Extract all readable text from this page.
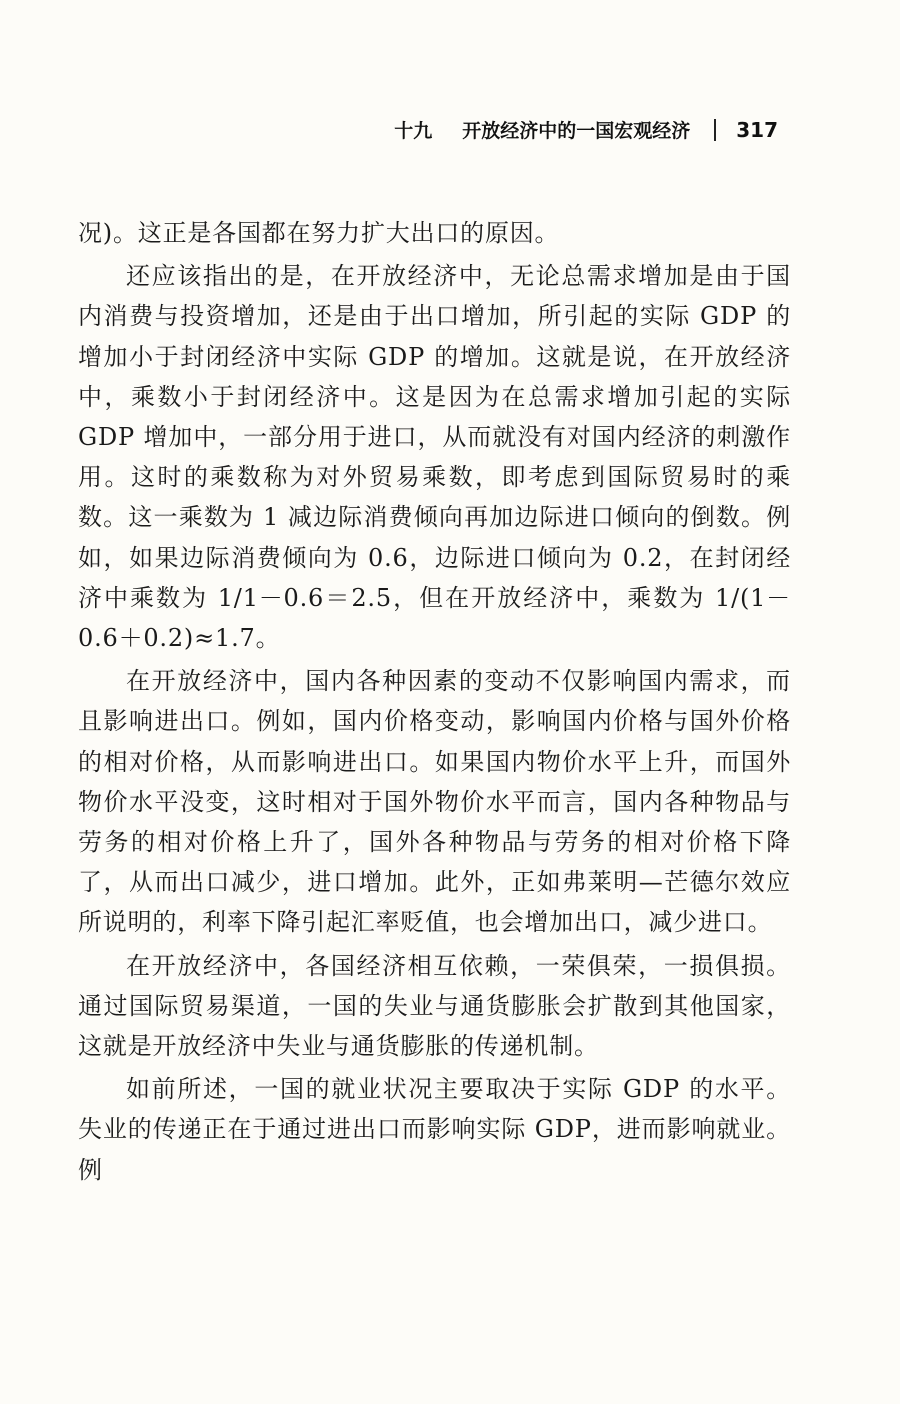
十九 开放经济中的一国宏观经济 317

况)。这正是各国都在努力扩大出口的原因。

还应该指出的是，在开放经济中，无论总需求增加是由于国内消费与投资增加，还是由于出口增加，所引起的实际 GDP 的增加小于封闭经济中实际 GDP 的增加。这就是说，在开放经济中，乘数小于封闭经济中。这是因为在总需求增加引起的实际 GDP 增加中，一部分用于进口，从而就没有对国内经济的刺激作用。这时的乘数称为对外贸易乘数，即考虑到国际贸易时的乘数。这一乘数为 1 减边际消费倾向再加边际进口倾向的倒数。例如，如果边际消费倾向为 0.6，边际进口倾向为 0.2，在封闭经济中乘数为 1/1－0.6＝2.5，但在开放经济中，乘数为 1/(1－0.6＋0.2)≈1.7。

在开放经济中，国内各种因素的变动不仅影响国内需求，而且影响进出口。例如，国内价格变动，影响国内价格与国外价格的相对价格，从而影响进出口。如果国内物价水平上升，而国外物价水平没变，这时相对于国外物价水平而言，国内各种物品与劳务的相对价格上升了，国外各种物品与劳务的相对价格下降了，从而出口减少，进口增加。此外，正如弗莱明—芒德尔效应所说明的，利率下降引起汇率贬值，也会增加出口，减少进口。

在开放经济中，各国经济相互依赖，一荣俱荣，一损俱损。通过国际贸易渠道，一国的失业与通货膨胀会扩散到其他国家，这就是开放经济中失业与通货膨胀的传递机制。

如前所述，一国的就业状况主要取决于实际 GDP 的水平。失业的传递正在于通过进出口而影响实际 GDP，进而影响就业。例
